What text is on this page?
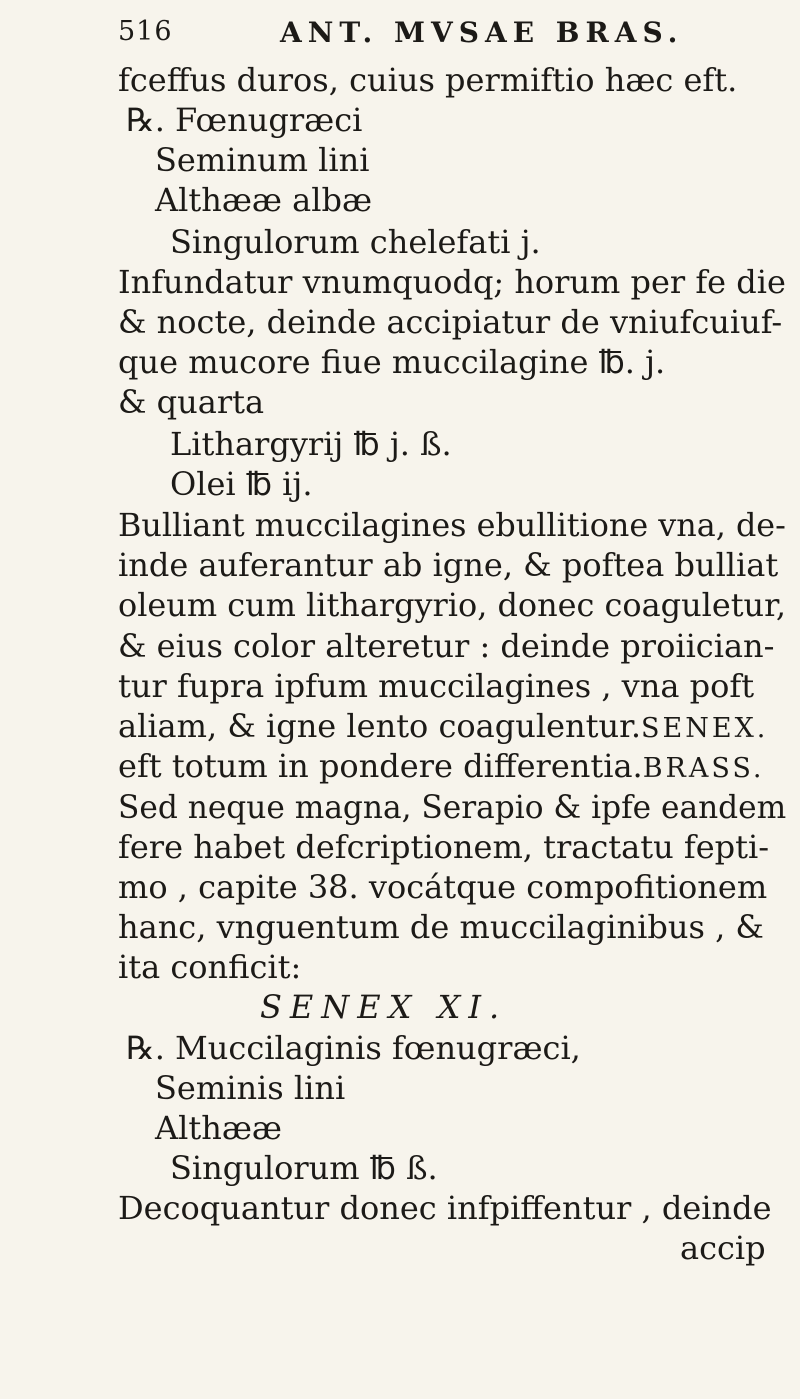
516	ANT. MVSAE BRAS.
fceffus duros, cuius permiftio hæc eft.
℞. Fœnugræci
Seminum lini
Althææ albæ
Singulorum chelefati j.
Infundatur vnumquodq; horum per fe die
& nocte, deinde accipiatur de vniufcuiuf-
que mucore fiue muccilagine ℔. j.
& quarta
Lithargyrij ℔ j. ß.
Olei ℔ ij.
Bulliant muccilagines ebullitione vna, de-
inde auferantur ab igne, & poftea bulliat
oleum cum lithargyrio, donec coaguletur,
& eius color alteretur : deinde proiician-
tur fupra ipfum muccilagines , vna poft
aliam, & igne lento coagulentur.SENEX.
eft totum in pondere differentia.BRASS.
Sed neque magna, Serapio & ipfe eandem
fere habet defcriptionem, tractatu fepti-
mo , capite 38. vocátque compofitionem
hanc, vnguentum de muccilaginibus , &
ita conficit:
SENEX XI.
℞. Muccilaginis fœnugræci,
Seminis lini
Althææ
Singulorum ℔ ß.
Decoquantur donec infpiffentur , deinde
accip
